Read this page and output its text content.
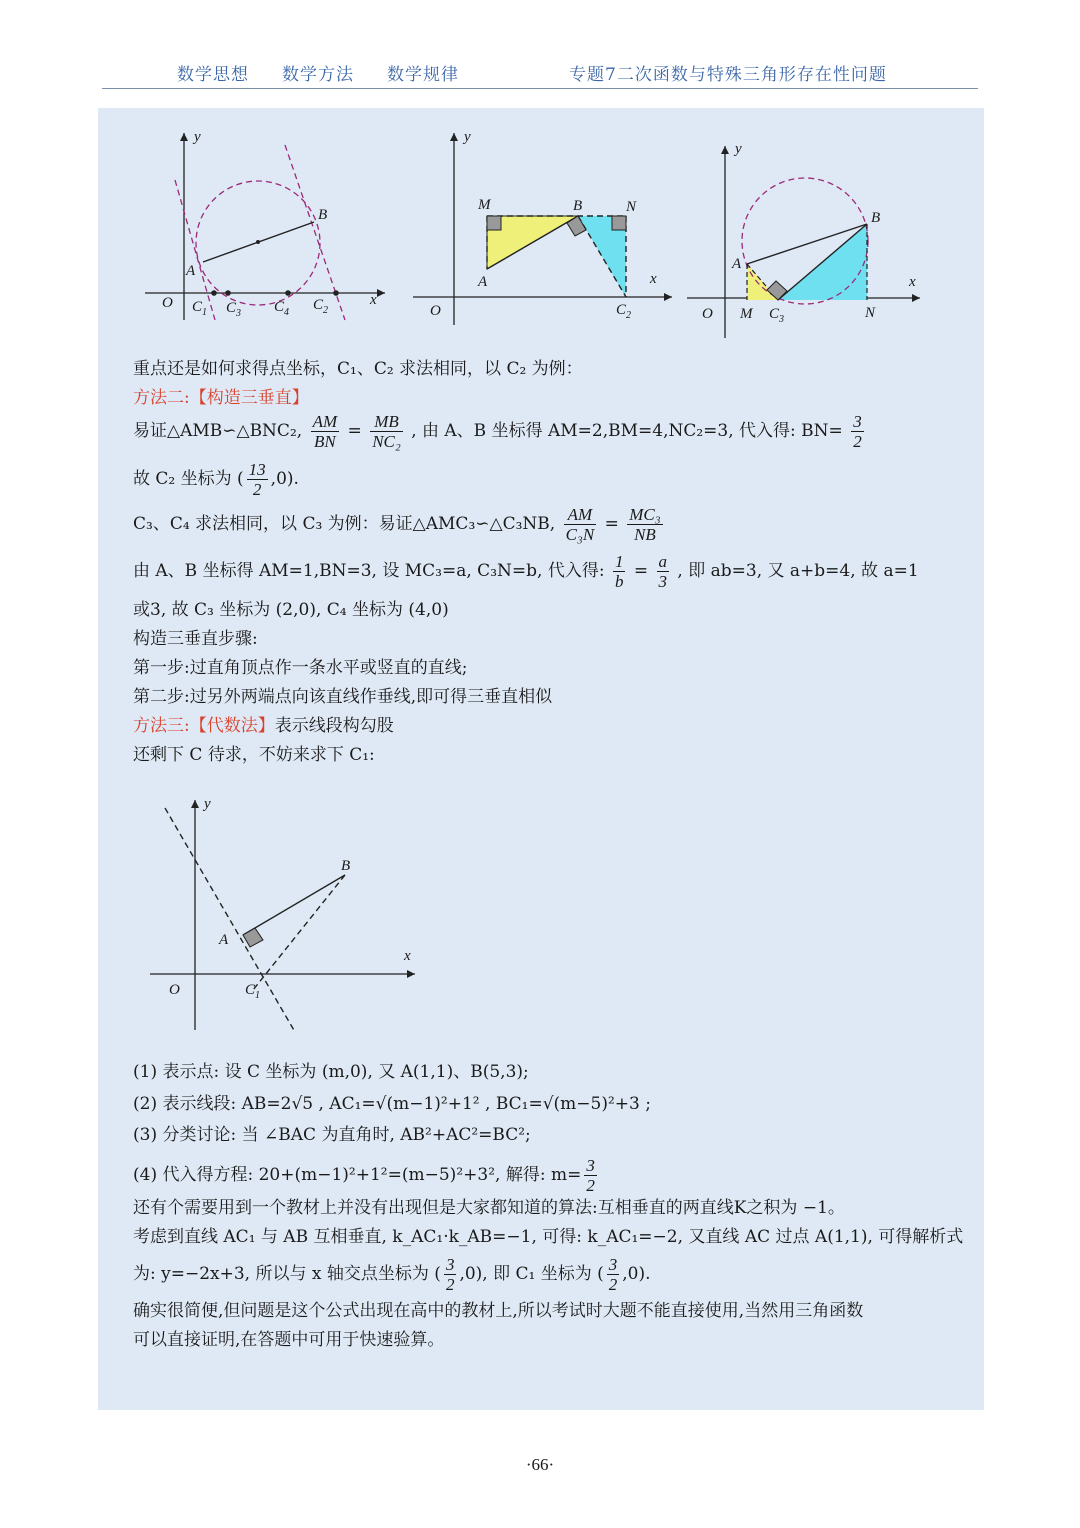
数学思想 数学方法 数学规律	专题7二次函数与特殊三角形存在性问题
y
x
O
A
B
C 1 C 3 C 4 C 2
y
x
O
M	B	N
A
C 2
y
x
O M
A
B
N
C 3
重点还是如何求得点坐标，C₁、C₂ 求法相同，以 C₂ 为例：
方法二:【构造三垂直】
易证△AMB∽△BNC₂, $\frac{AM}{BN} = \frac{MB}{\text{NC₂}}$ , 由 A、B 坐标得 AM=2,BM=4,NC₂=3, 代入得: $BN= \frac{3}{2}$
故 C₂ 坐标为 ( $\frac{13}{2} ,0$).
C₃、C₄ 求法相同，以 C₃ 为例：易证△AMC₃∽△C₃NB, $\frac{AM}{\text{C₃N}} = \frac{\text{MC₃}}{NB}$
由 A、B 坐标得 AM=1,BN=3, 设 MC₃=a, C₃N=b, 代入得: $\frac{1}{b} = \frac{a}{3}$ , 即 ab=3, 又 a+b=4, 故 a=1
或3, 故 C₃ 坐标为 (2,0), C₄ 坐标为 (4,0)
构造三垂直步骤:
第一步:过直角顶点作一条水平或竖直的直线;
第二步:过另外两端点向该直线作垂线,即可得三垂直相似
方法三:【代数法】表示线段构勾股
还剩下 C 待求，不妨来求下 C₁:
y
x
O
A
B
C 1
(1) 表示点: 设 C 坐标为 (m,0), 又 A(1,1)、B(5,3);
(2) 表示线段: AB=2√5 , AC₁=√(m−1)²+1² , BC₁=√(m−5)²+3 ;
(3) 分类讨论: 当 ∠BAC 为直角时, AB²+AC²=BC²;
(4) 代入得方程: 20+(m−1)²+1²=(m−5)²+3², 解得: $m= \frac{3}{2}$
还有个需要用到一个教材上并没有出现但是大家都知道的算法:互相垂直的两直线K之积为 −1。
考虑到直线 AC₁ 与 AB 互相垂直, k_AC₁·k_AB=−1, 可得: k_AC₁=−2, 又直线 AC 过点 A(1,1), 可得解析式
为: y=−2x+3, 所以与 x 轴交点坐标为 ( $\frac{3}{2} ,0$), 即 C₁ 坐标为 ( $\frac{3}{2} ,0$).
确实很简便,但问题是这个公式出现在高中的教材上,所以考试时大题不能直接使用,当然用三角函数
可以直接证明,在答题中可用于快速验算。
·66·
